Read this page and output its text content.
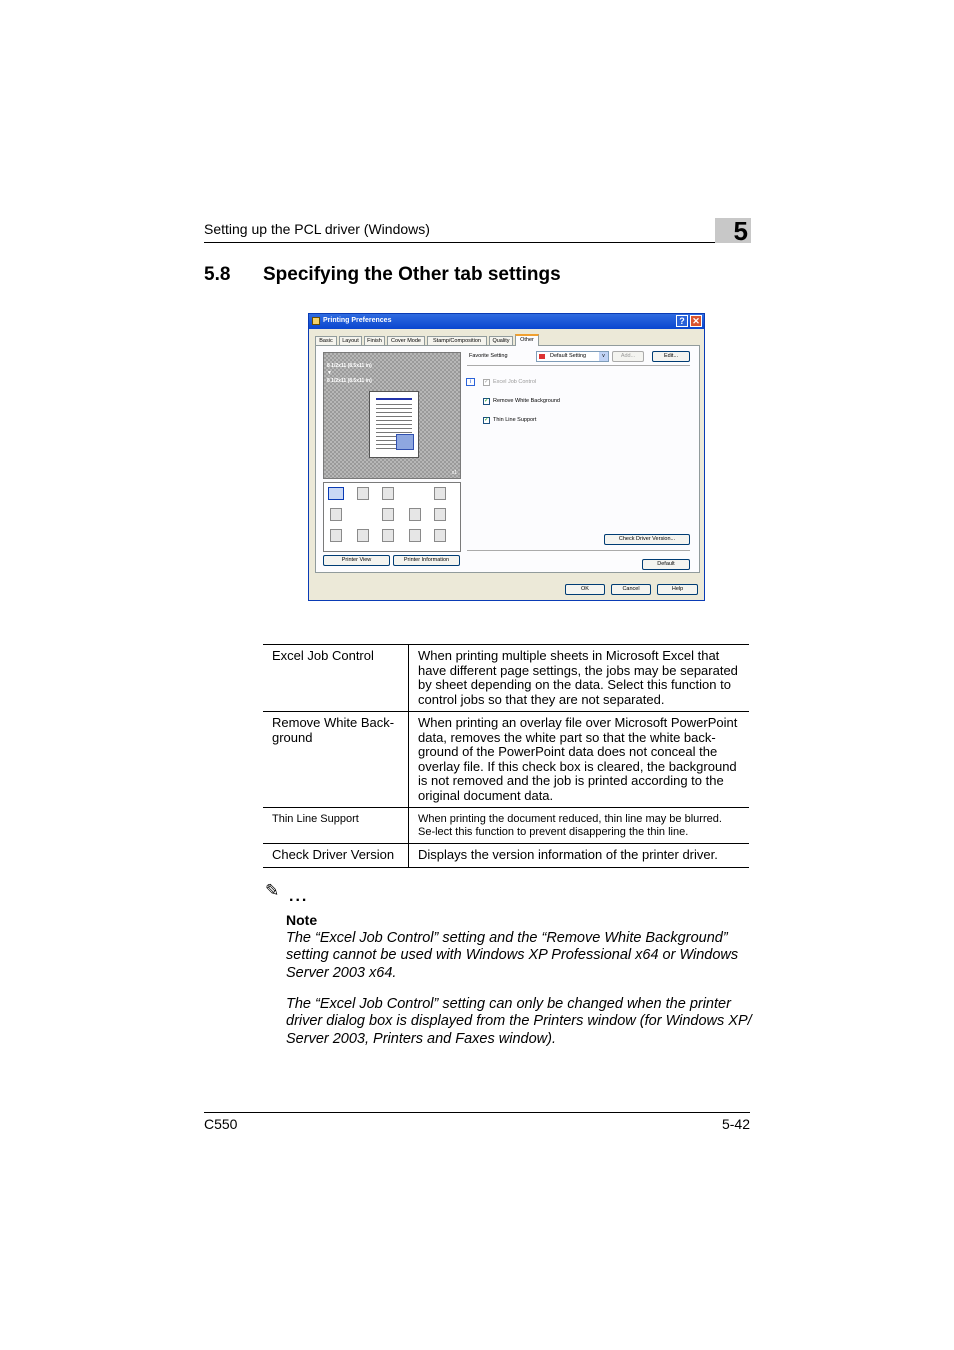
Setting up the PCL driver (Windows)	5
5.8 Specifying the Other tab settings
Printing Preferences	? ✕
Basic	Layout	Finish	Cover Mode	Stamp/Composition	Quality	Other
8 1/2x11 (8.5x11 in)
▼
8 1/2x11 (8.5x11 in)
x1
Printer View	Printer Information
Favorite Setting	Default Setting	v	Add...	Edit...
i	✓ Excel Job Control
✓ Remove White Background
✓ Thin Line Support
Check Driver Version...
Default
OK	Cancel	Help
Excel Job Control	When printing multiple sheets in Microsoft Excel that have different page settings, the jobs may be separated by sheet depending on the data. Select this function to control jobs so that they are not separated.
Remove White Back-ground	When printing an overlay file over Microsoft PowerPoint data, removes the white part so that the white back-ground of the PowerPoint data does not conceal the overlay file. If this check box is cleared, the background is not removed and the job is printed according to the original document data.
Thin Line Support	When printing the document reduced, thin line may be blurred. Se-lect this function to prevent disappering the thin line.
Check Driver Version	Displays the version information of the printer driver.
✎ ...
Note
The “Excel Job Control” setting and the “Remove White Background” setting cannot be used with Windows XP Professional x64 or Windows Server 2003 x64.
The “Excel Job Control” setting can only be changed when the printer driver dialog box is displayed from the Printers window (for Windows XP/ Server 2003, Printers and Faxes window).
C550	5-42
